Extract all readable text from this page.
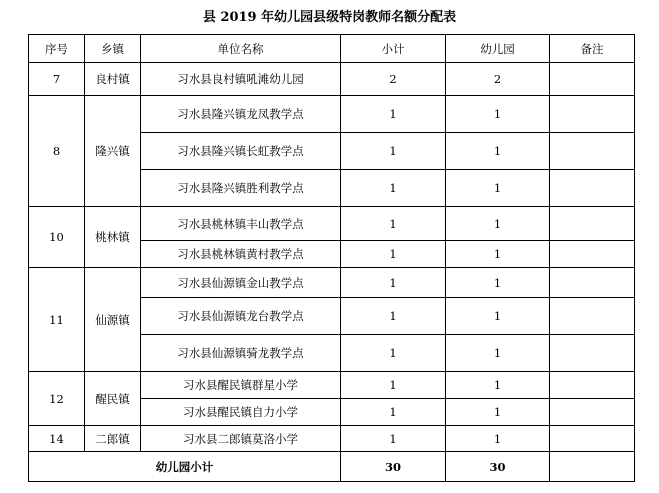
县 2019 年幼儿园县级特岗教师名额分配表
序号	乡镇	单位名称	小计	幼儿园	备注
7	良村镇	习水县良村镇吼滩幼儿园	2	2	
8	隆兴镇	习水县隆兴镇龙凤教学点	1	1	
		习水县隆兴镇长虹教学点	1	1	
		习水县隆兴镇胜利教学点	1	1	
10	桃林镇	习水县桃林镇丰山教学点	1	1	
		习水县桃林镇黄村教学点	1	1	
11	仙源镇	习水县仙源镇金山教学点	1	1	
		习水县仙源镇龙台教学点	1	1	
		习水县仙源镇骑龙教学点	1	1	
12	醒民镇	习水县醒民镇群星小学	1	1	
		习水县醒民镇自力小学	1	1	
14	二郎镇	习水县二郎镇莫洛小学	1	1	
幼儿园小计			30	30	
